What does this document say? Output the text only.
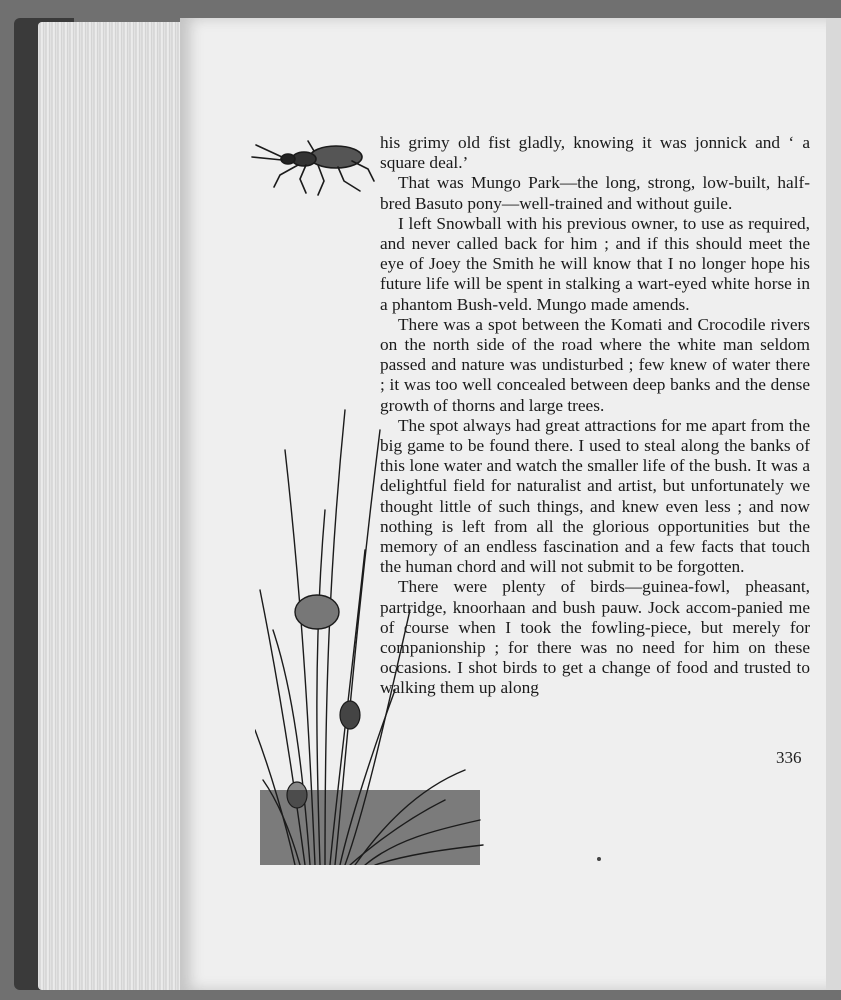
his grimy old fist gladly, knowing it was jonnick and ‘ a square deal.’

That was Mungo Park—the long, strong, low-built, half-bred Basuto pony—well-trained and without guile.

I left Snowball with his previous owner, to use as required, and never called back for him ; and if this should meet the eye of Joey the Smith he will know that I no longer hope his future life will be spent in stalking a wart-eyed white horse in a phantom Bush-veld. Mungo made amends.

There was a spot between the Komati and Crocodile rivers on the north side of the road where the white man seldom passed and nature was undisturbed ; few knew of water there ; it was too well concealed between deep banks and the dense growth of thorns and large trees.

The spot always had great attractions for me apart from the big game to be found there. I used to steal along the banks of this lone water and watch the smaller life of the bush. It was a delightful field for naturalist and artist, but unfortunately we thought little of such things, and knew even less ; and now nothing is left from all the glorious opportunities but the memory of an endless fascination and a few facts that touch the human chord and will not submit to be forgotten.

There were plenty of birds—guinea-fowl, pheasant, partridge, knoorhaan and bush pauw. Jock accom-panied me of course when I took the fowling-piece, but merely for companionship ; for there was no need for him on these occasions. I shot birds to get a change of food and trusted to walking them up along

336
